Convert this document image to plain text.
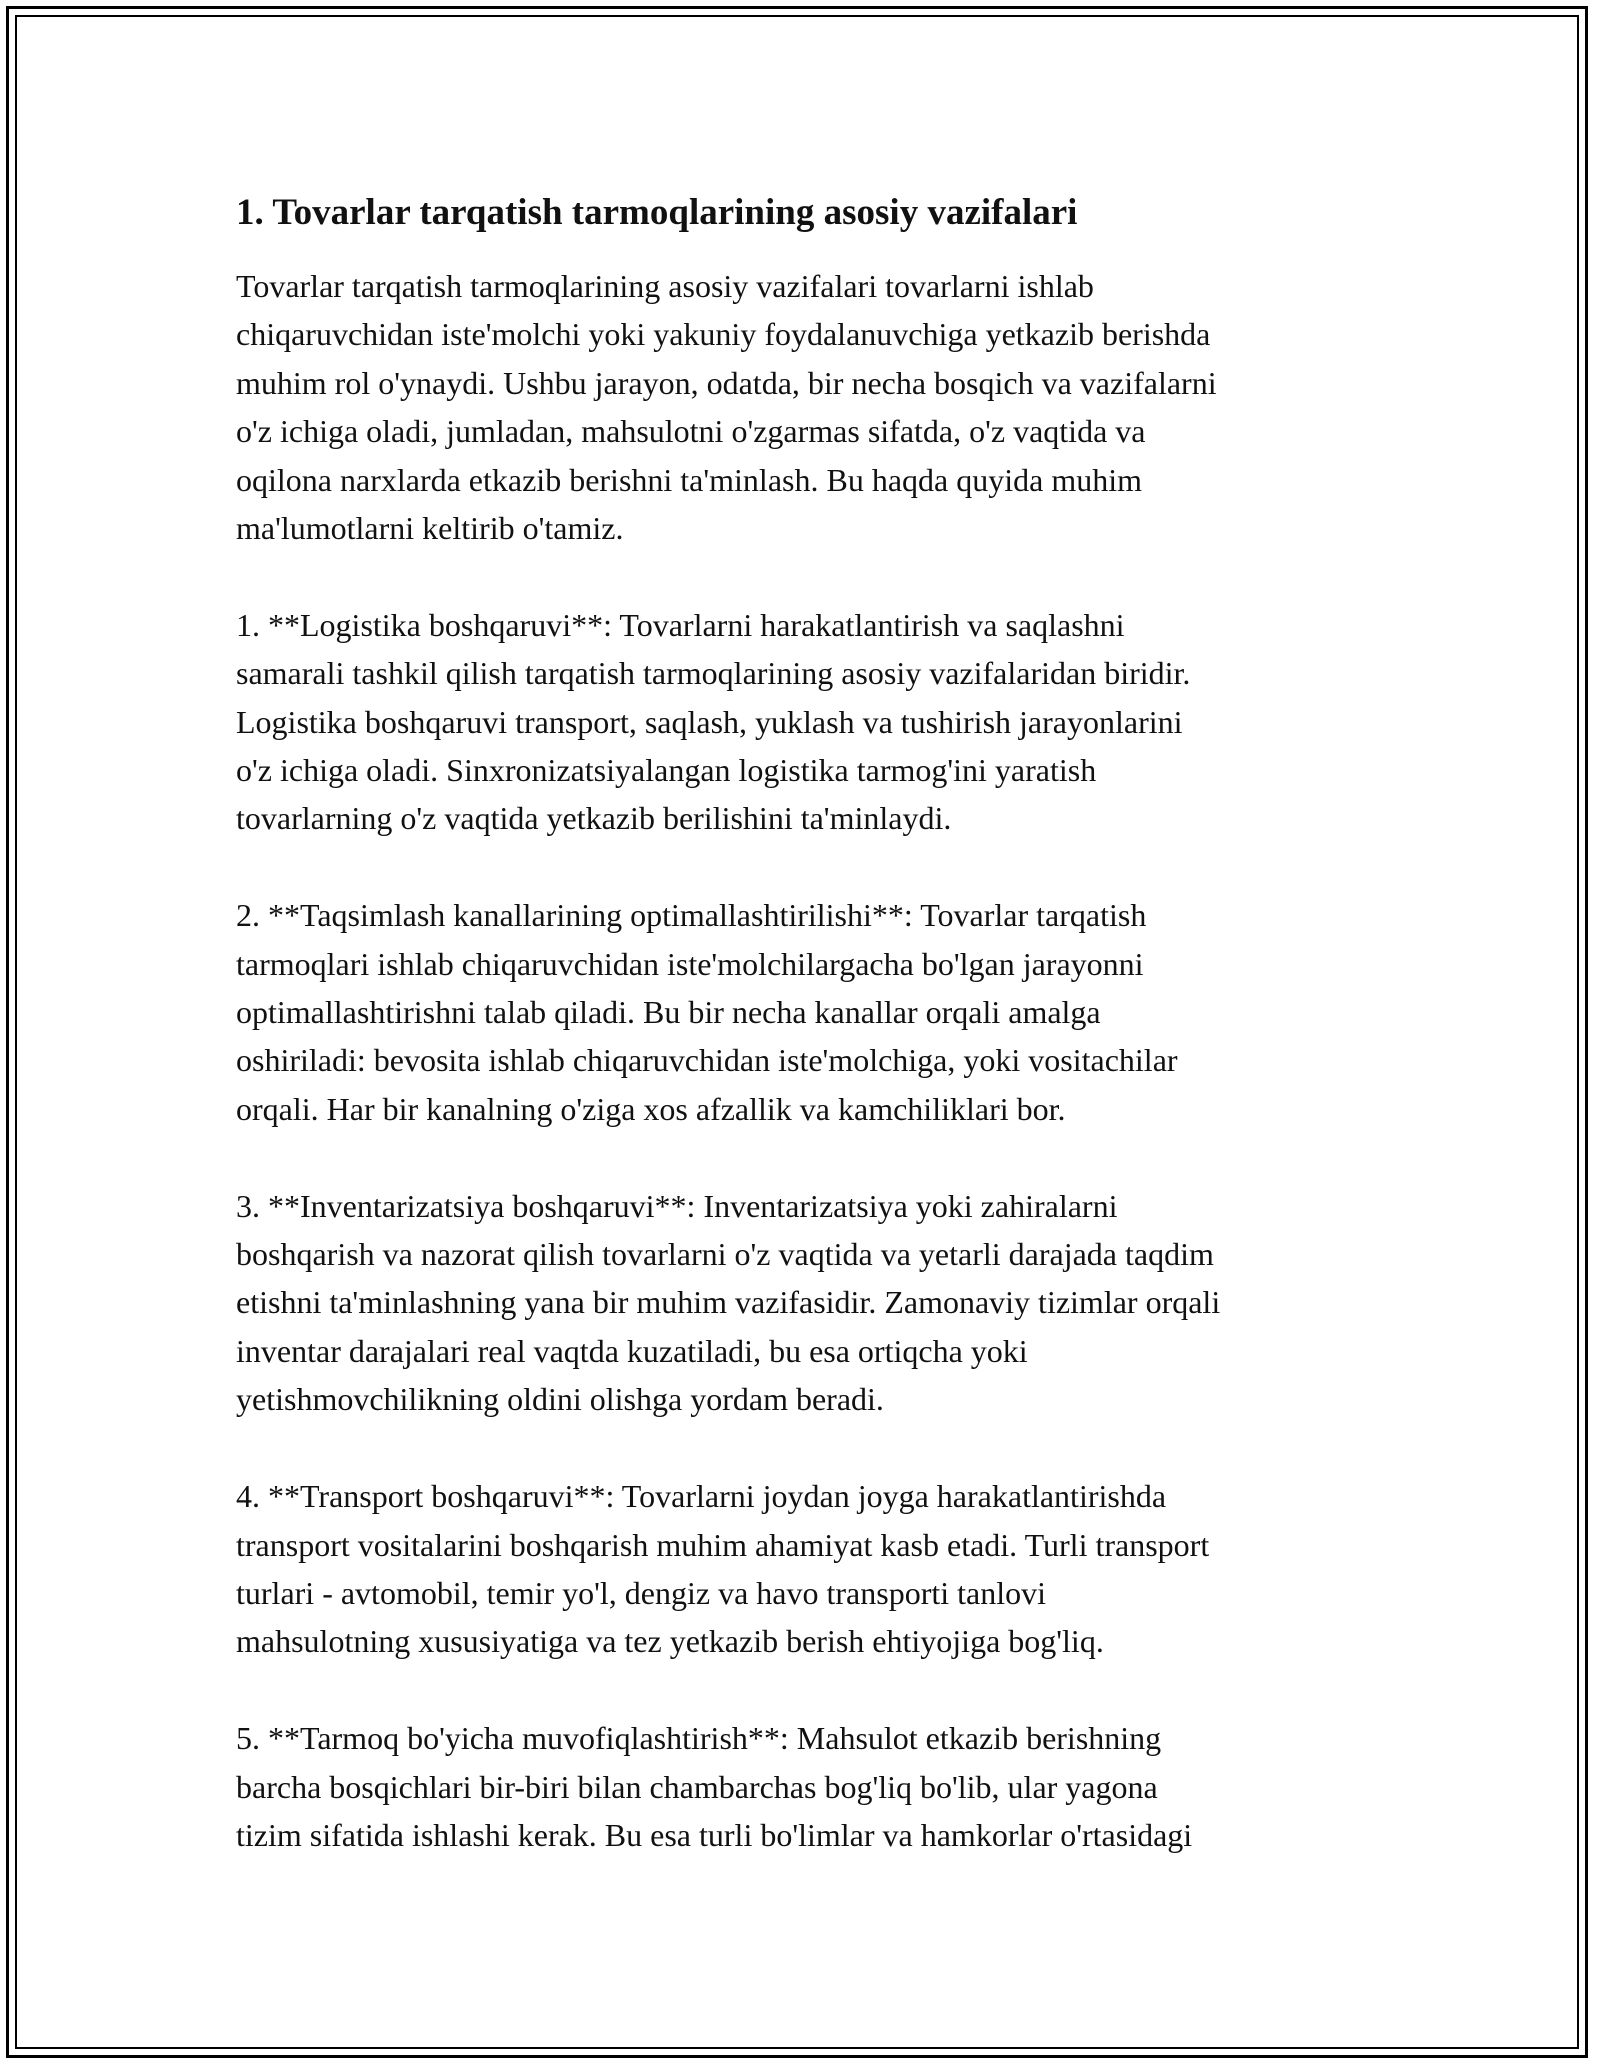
1. Tovarlar tarqatish tarmoqlarining asosiy vazifalari

Tovarlar tarqatish tarmoqlarining asosiy vazifalari tovarlarni ishlab
chiqaruvchidan iste'molchi yoki yakuniy foydalanuvchiga yetkazib berishda
muhim rol o'ynaydi. Ushbu jarayon, odatda, bir necha bosqich va vazifalarni
o'z ichiga oladi, jumladan, mahsulotni o'zgarmas sifatda, o'z vaqtida va
oqilona narxlarda etkazib berishni ta'minlash. Bu haqda quyida muhim
ma'lumotlarni keltirib o'tamiz.

1. **Logistika boshqaruvi**: Tovarlarni harakatlantirish va saqlashni
samarali tashkil qilish tarqatish tarmoqlarining asosiy vazifalaridan biridir.
Logistika boshqaruvi transport, saqlash, yuklash va tushirish jarayonlarini
o'z ichiga oladi. Sinxronizatsiyalangan logistika tarmog'ini yaratish
tovarlarning o'z vaqtida yetkazib berilishini ta'minlaydi.

2. **Taqsimlash kanallarining optimallashtirilishi**: Tovarlar tarqatish
tarmoqlari ishlab chiqaruvchidan iste'molchilargacha bo'lgan jarayonni
optimallashtirishni talab qiladi. Bu bir necha kanallar orqali amalga
oshiriladi: bevosita ishlab chiqaruvchidan iste'molchiga, yoki vositachilar
orqali. Har bir kanalning o'ziga xos afzallik va kamchiliklari bor.

3. **Inventarizatsiya boshqaruvi**: Inventarizatsiya yoki zahiralarni
boshqarish va nazorat qilish tovarlarni o'z vaqtida va yetarli darajada taqdim
etishni ta'minlashning yana bir muhim vazifasidir. Zamonaviy tizimlar orqali
inventar darajalari real vaqtda kuzatiladi, bu esa ortiqcha yoki
yetishmovchilikning oldini olishga yordam beradi.

4. **Transport boshqaruvi**: Tovarlarni joydan joyga harakatlantirishda
transport vositalarini boshqarish muhim ahamiyat kasb etadi. Turli transport
turlari - avtomobil, temir yo'l, dengiz va havo transporti tanlovi
mahsulotning xususiyatiga va tez yetkazib berish ehtiyojiga bog'liq.

5. **Tarmoq bo'yicha muvofiqlashtirish**: Mahsulot etkazib berishning
barcha bosqichlari bir-biri bilan chambarchas bog'liq bo'lib, ular yagona
tizim sifatida ishlashi kerak. Bu esa turli bo'limlar va hamkorlar o'rtasidagi
